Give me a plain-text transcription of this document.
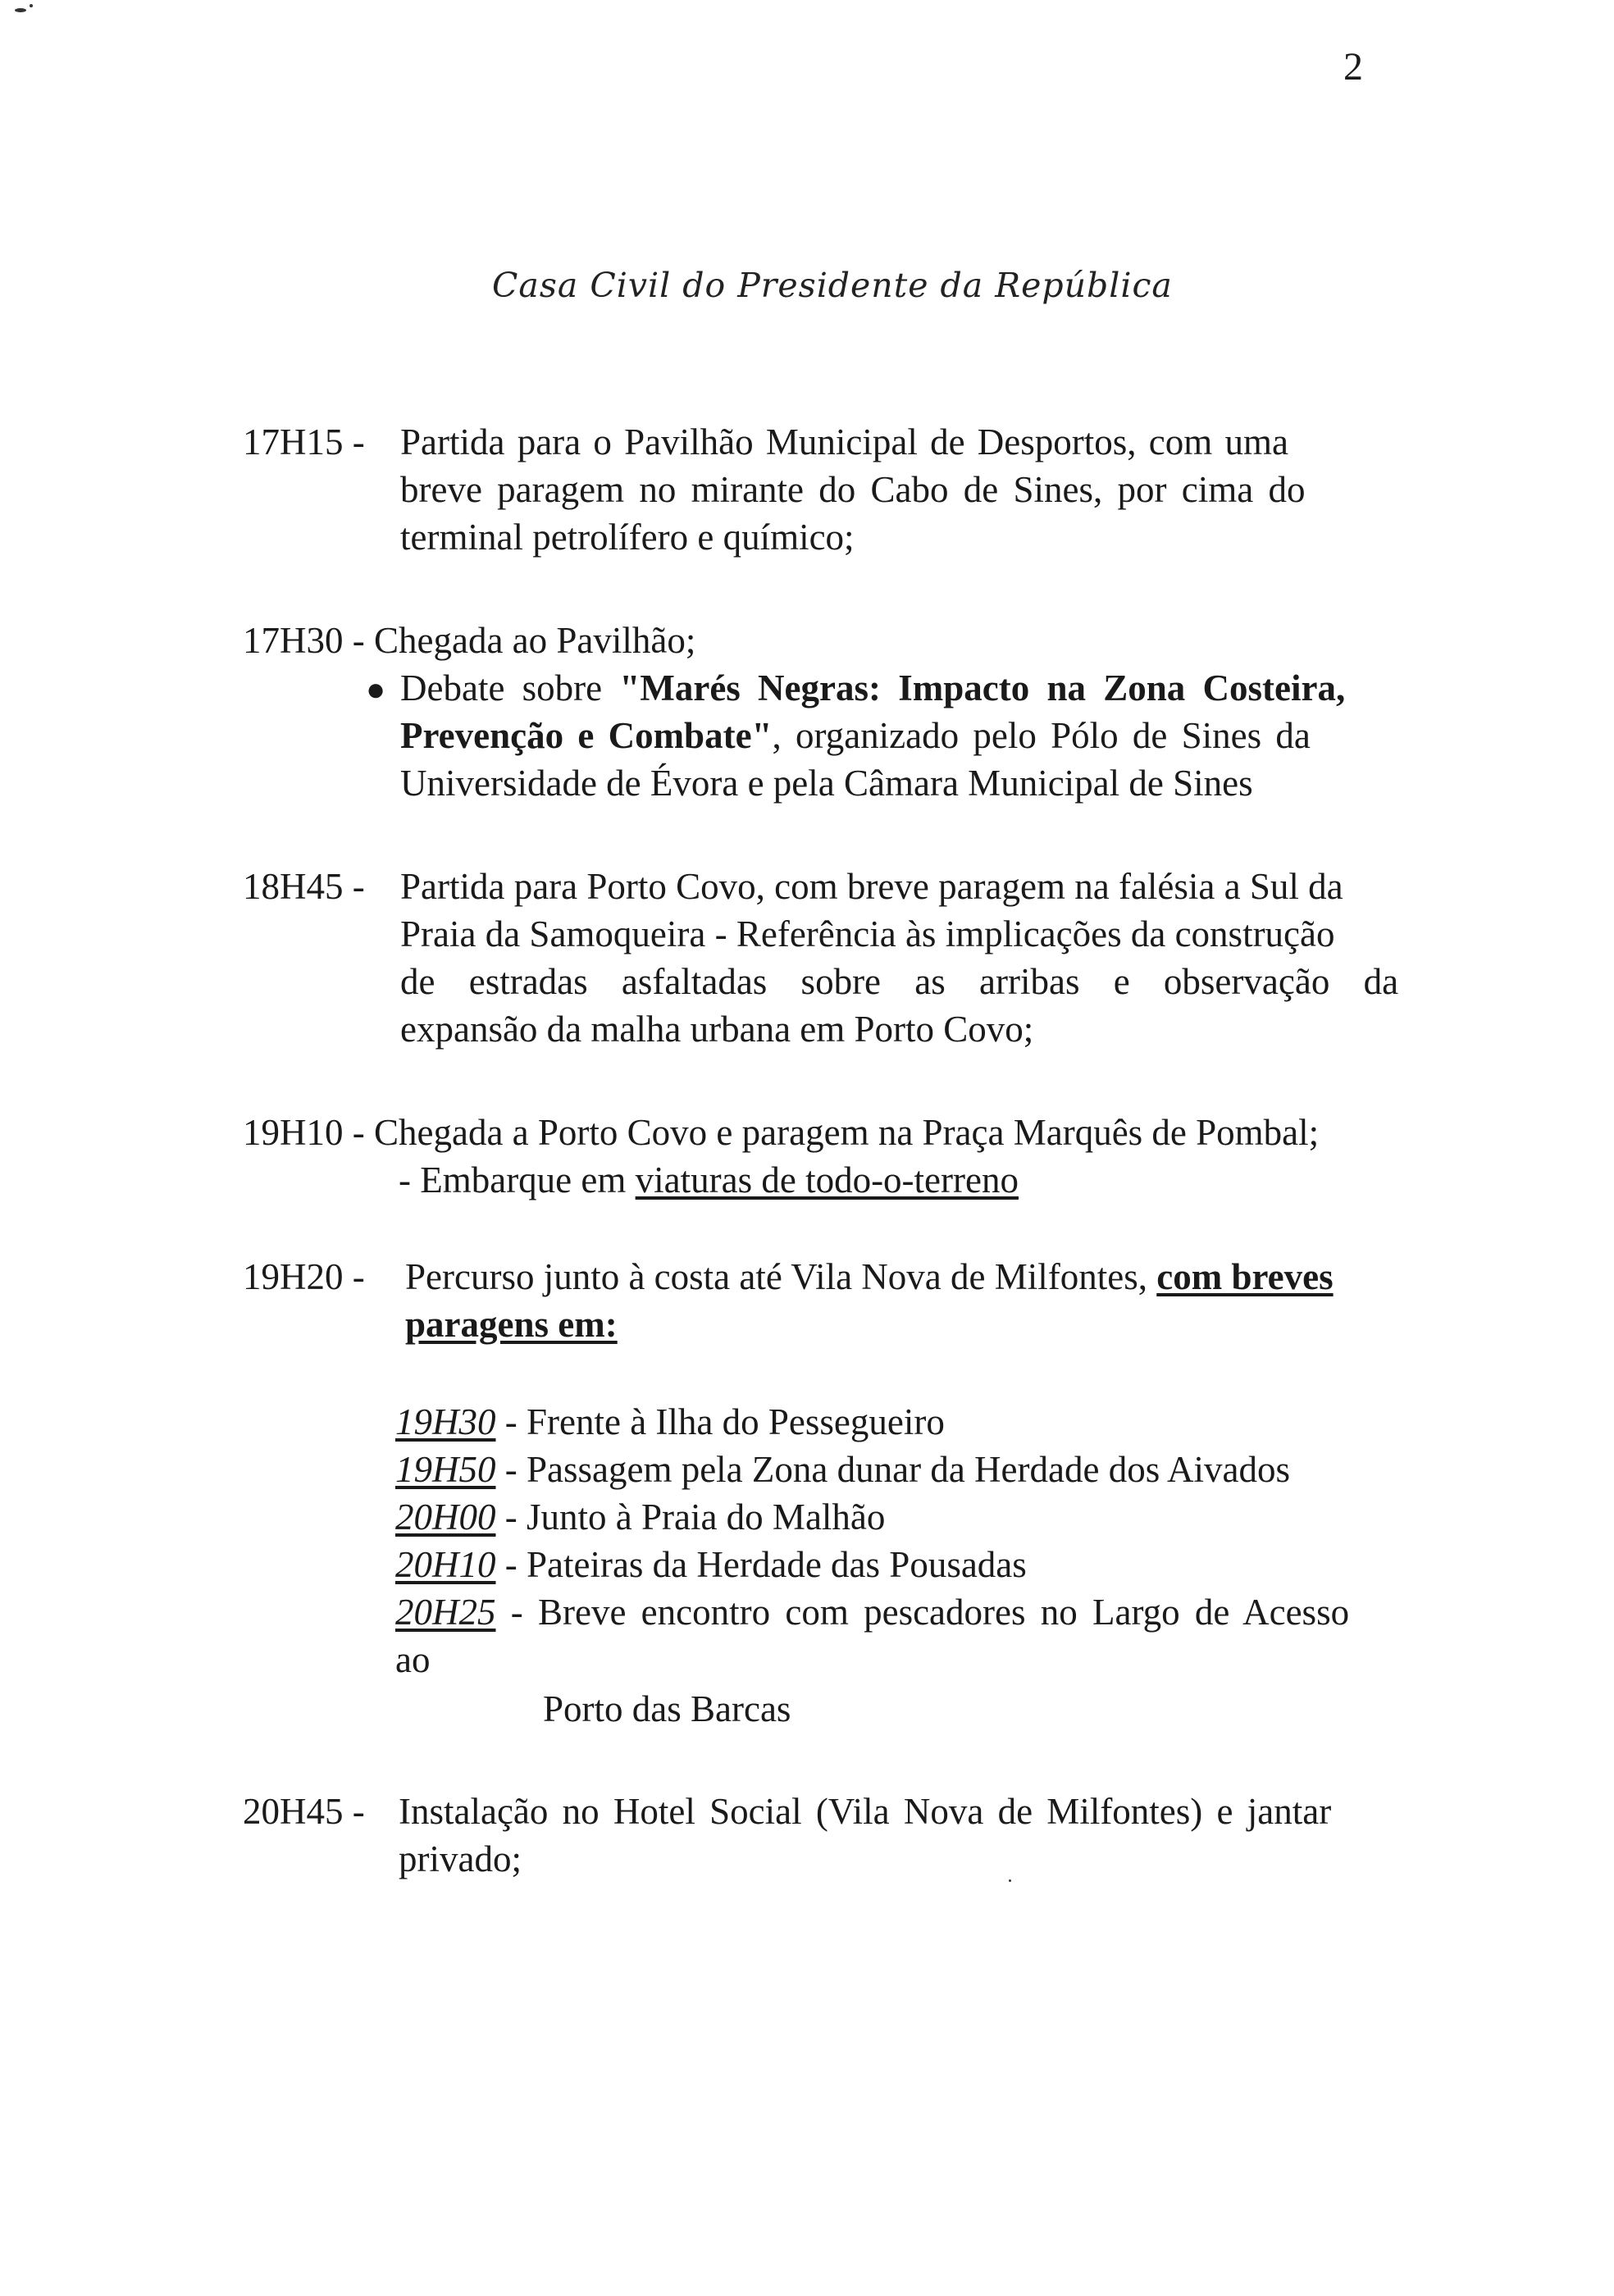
2
Casa Civil do Presidente da República
17H15 - Partida para o Pavilhão Municipal de Desportos, com uma
breve paragem no mirante do Cabo de Sines, por cima do
terminal petrolífero e químico;
17H30 - Chegada ao Pavilhão;
● Debate sobre "Marés Negras: Impacto na Zona Costeira,
Prevenção e Combate", organizado pelo Pólo de Sines da
Universidade de Évora e pela Câmara Municipal de Sines
18H45 - Partida para Porto Covo, com breve paragem na falésia a Sul da
Praia da Samoqueira - Referência às implicações da construção
de estradas asfaltadas sobre as arribas e observação da
expansão da malha urbana em Porto Covo;
19H10 - Chegada a Porto Covo e paragem na Praça Marquês de Pombal;
- Embarque em viaturas de todo-o-terreno
19H20 - Percurso junto à costa até Vila Nova de Milfontes, com breves
paragens em:
19H30 - Frente à Ilha do Pessegueiro
19H50 - Passagem pela Zona dunar da Herdade dos Aivados
20H00 - Junto à Praia do Malhão
20H10 - Pateiras da Herdade das Pousadas
20H25 - Breve encontro com pescadores no Largo de Acesso
ao
Porto das Barcas
20H45 - Instalação no Hotel Social (Vila Nova de Milfontes) e jantar
privado;
